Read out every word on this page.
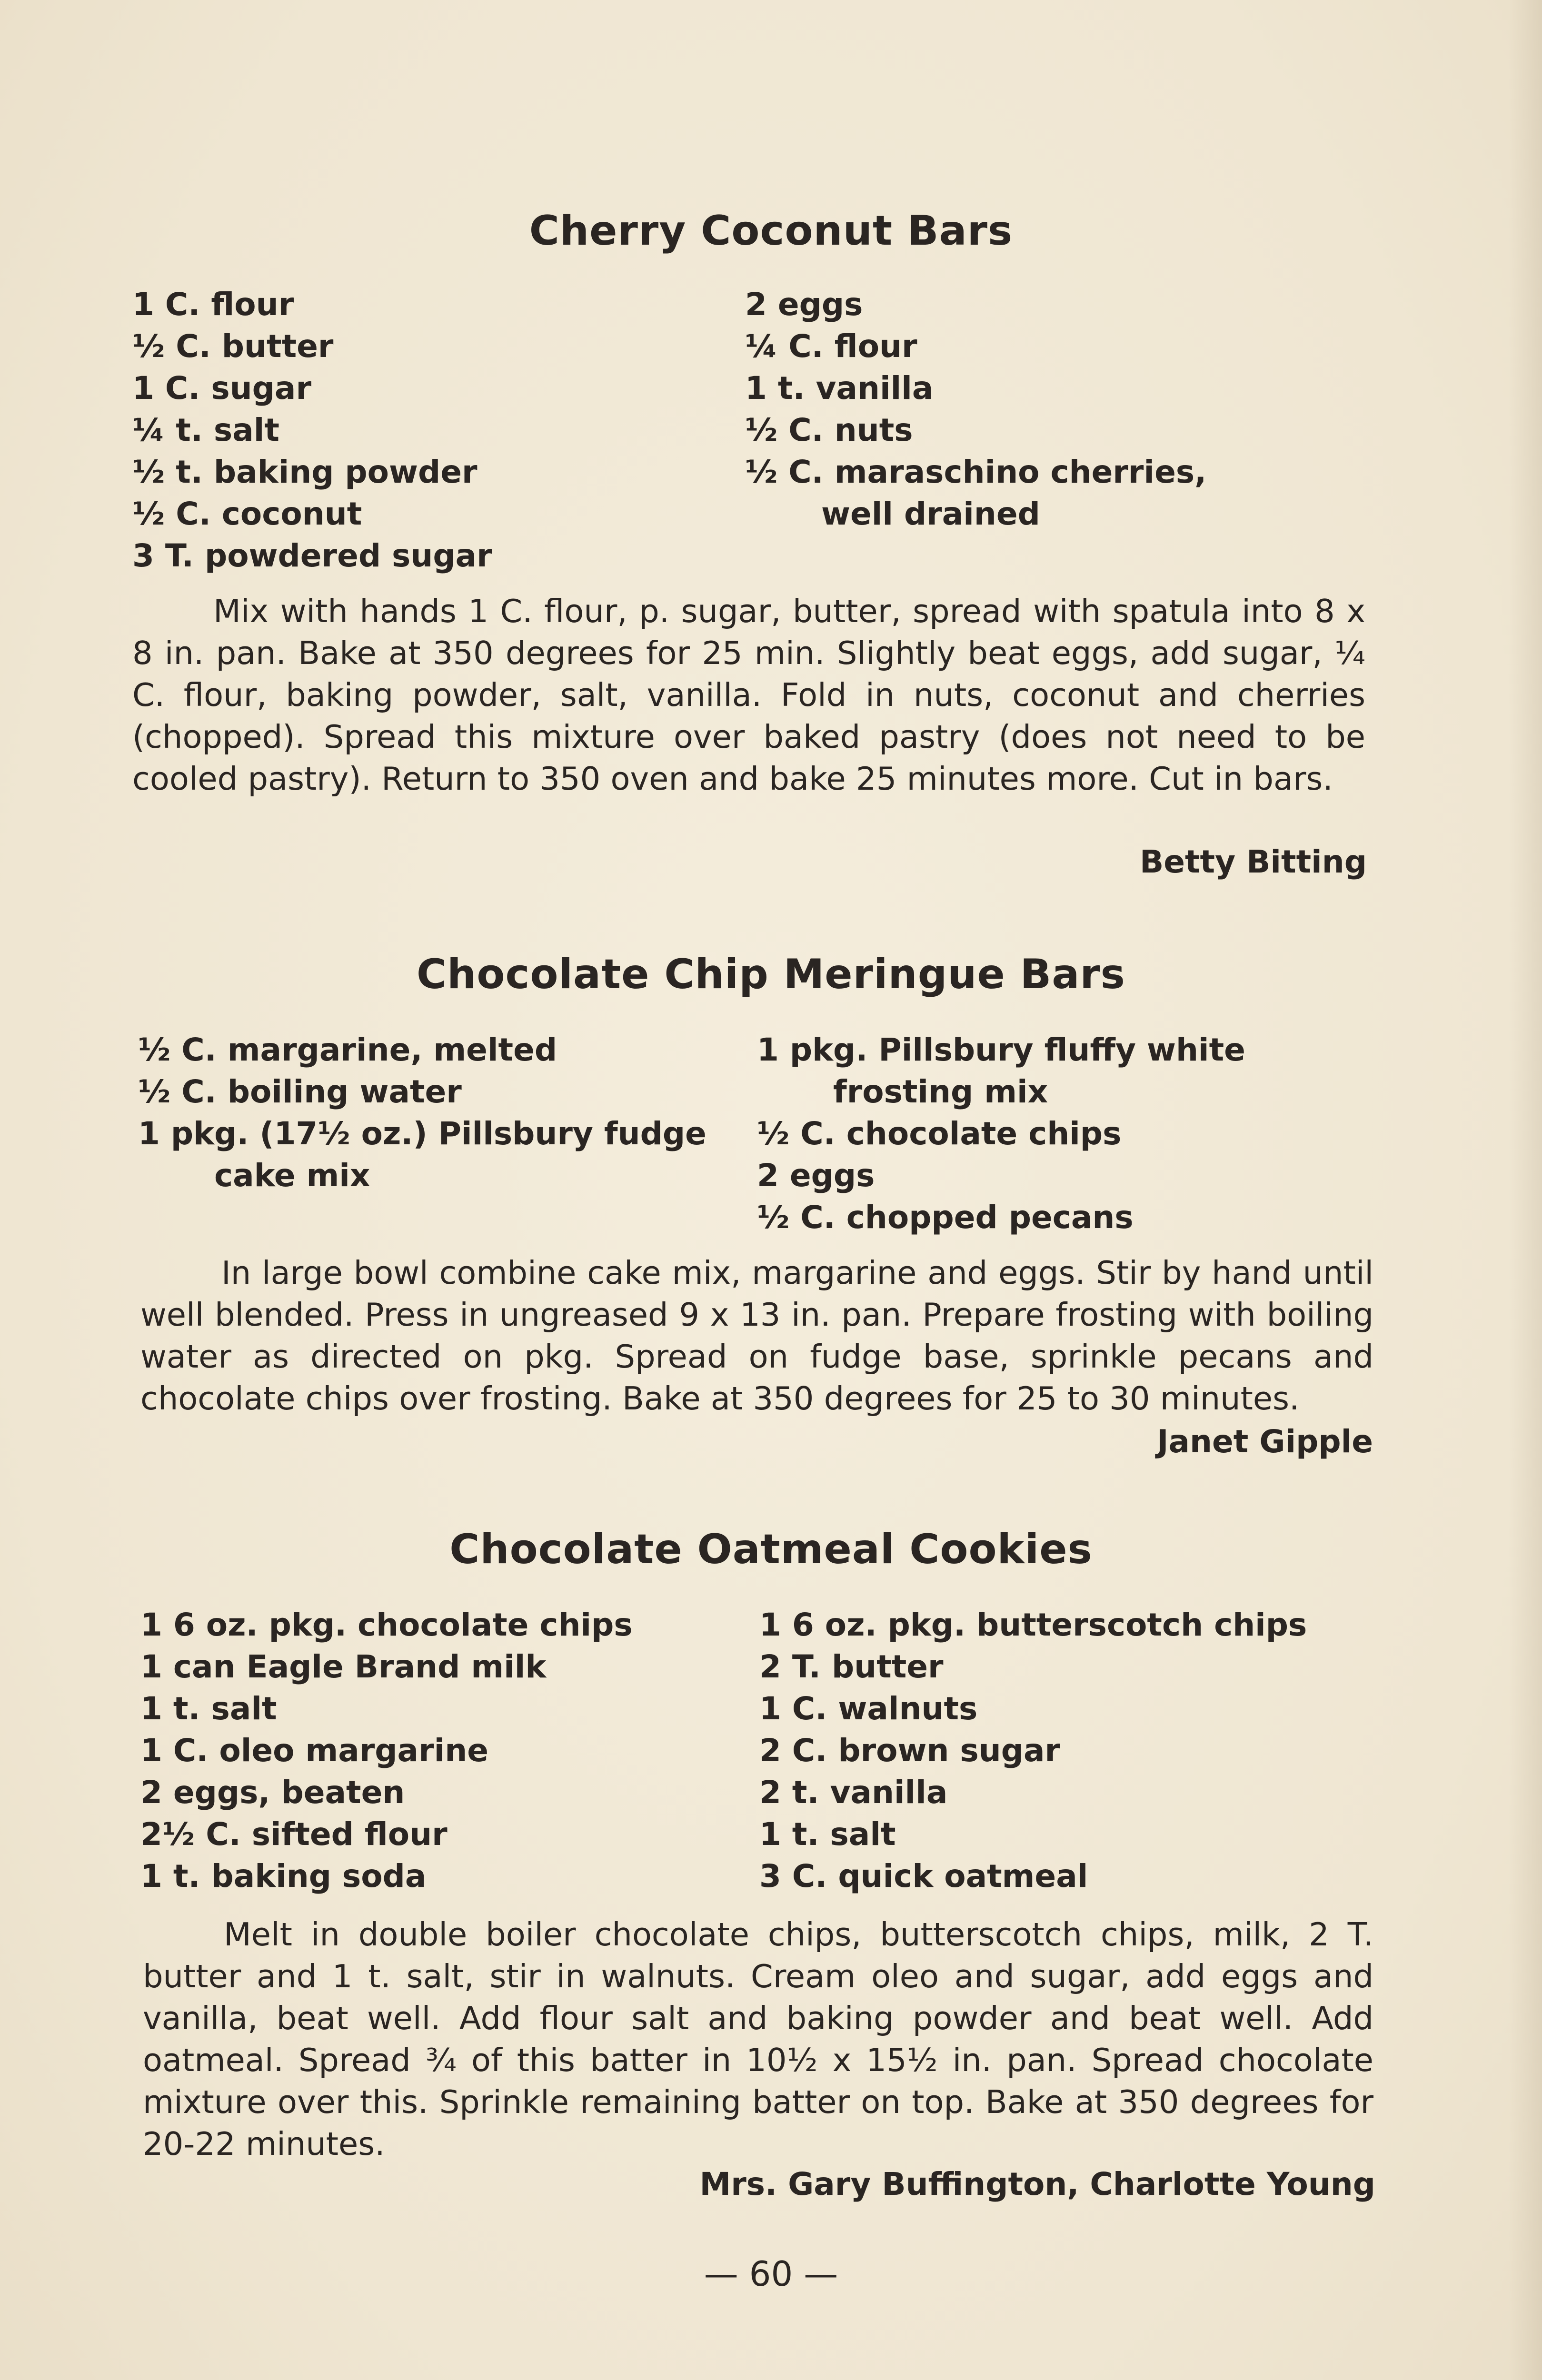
Cherry Coconut Bars
1 C. flour
½ C. butter
1 C. sugar
¼ t. salt
½ t. baking powder
½ C. coconut
3 T. powdered sugar
2 eggs
¼ C. flour
1 t. vanilla
½ C. nuts
½ C. maraschino cherries,
well drained
Mix with hands 1 C. flour, p. sugar, butter, spread with spatula into 8 x 8 in. pan. Bake at 350 degrees for 25 min. Slightly beat eggs, add sugar, ¼ C. flour, baking powder, salt, vanilla. Fold in nuts, coconut and cherries (chopped). Spread this mixture over baked pastry (does not need to be cooled pastry). Return to 350 oven and bake 25 minutes more. Cut in bars.
Betty Bitting
Chocolate Chip Meringue Bars
½ C. margarine, melted
½ C. boiling water
1 pkg. (17½ oz.) Pillsbury fudge
cake mix
1 pkg. Pillsbury fluffy white
frosting mix
½ C. chocolate chips
2 eggs
½ C. chopped pecans
In large bowl combine cake mix, margarine and eggs. Stir by hand until well blended. Press in ungreased 9 x 13 in. pan. Prepare frosting with boiling water as directed on pkg. Spread on fudge base, sprinkle pecans and chocolate chips over frosting. Bake at 350 degrees for 25 to 30 minutes.
Janet Gipple
Chocolate Oatmeal Cookies
1 6 oz. pkg. chocolate chips
1 can Eagle Brand milk
1 t. salt
1 C. oleo margarine
2 eggs, beaten
2½ C. sifted flour
1 t. baking soda
1 6 oz. pkg. butterscotch chips
2 T. butter
1 C. walnuts
2 C. brown sugar
2 t. vanilla
1 t. salt
3 C. quick oatmeal
Melt in double boiler chocolate chips, butterscotch chips, milk, 2 T. butter and 1 t. salt, stir in walnuts. Cream oleo and sugar, add eggs and vanilla, beat well. Add flour salt and baking powder and beat well. Add oatmeal. Spread ¾ of this batter in 10½ x 15½ in. pan. Spread chocolate mixture over this. Sprinkle remaining batter on top. Bake at 350 degrees for 20-22 minutes.
Mrs. Gary Buffington, Charlotte Young
— 60 —
